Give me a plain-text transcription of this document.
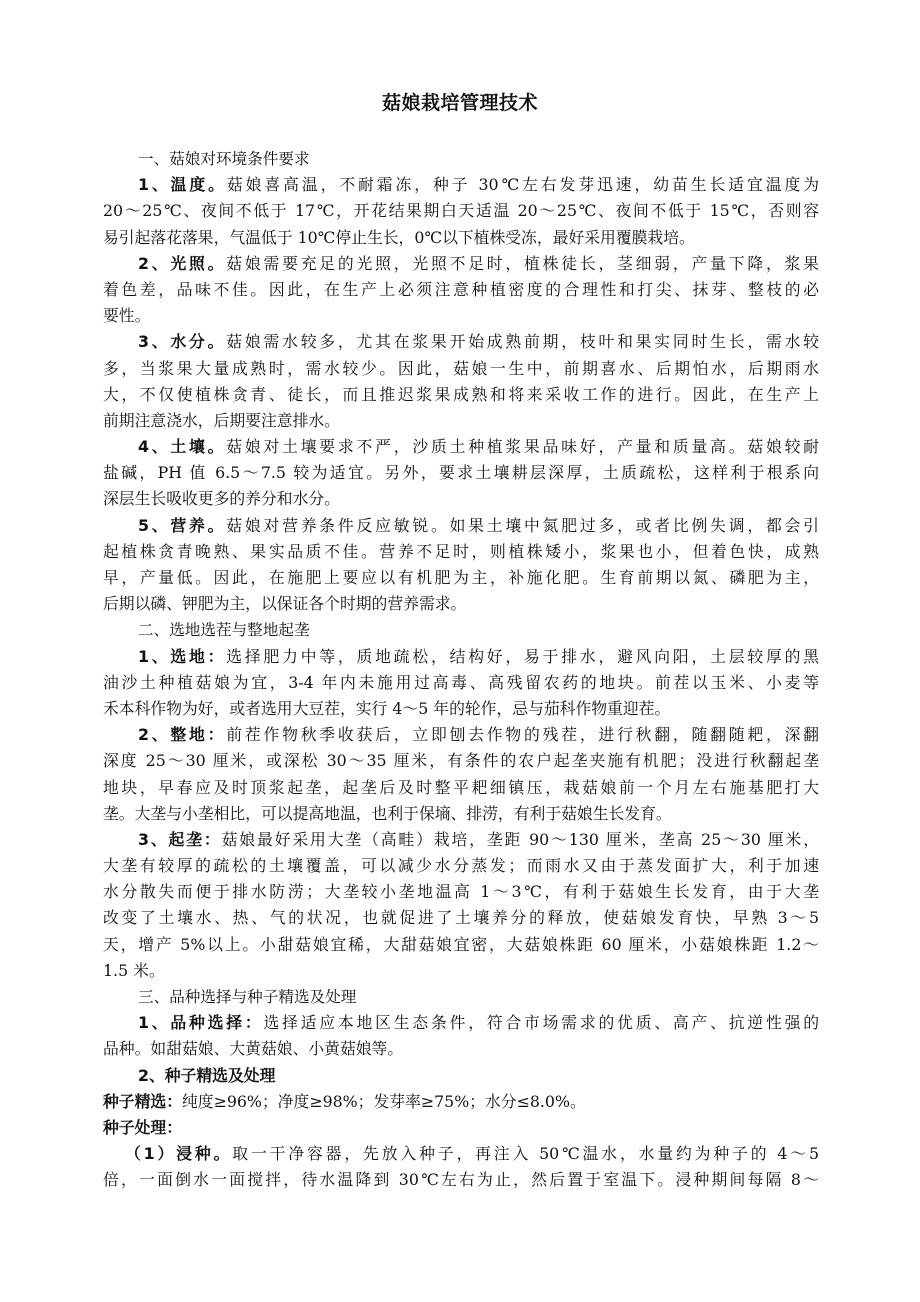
菇娘栽培管理技术
一、菇娘对环境条件要求
1、温度。菇娘喜高温，不耐霜冻，种子 30℃左右发芽迅速，幼苗生长适宜温度为
20～25℃、夜间不低于 17℃，开花结果期白天适温 20～25℃、夜间不低于 15℃，否则容
易引起落花落果，气温低于 10℃停止生长，0℃以下植株受冻，最好采用覆膜栽培。
2、光照。菇娘需要充足的光照，光照不足时，植株徒长，茎细弱，产量下降，浆果
着色差，品味不佳。因此，在生产上必须注意种植密度的合理性和打尖、抹芽、整枝的必
要性。
3、水分。菇娘需水较多，尤其在浆果开始成熟前期，枝叶和果实同时生长，需水较
多，当浆果大量成熟时，需水较少。因此，菇娘一生中，前期喜水、后期怕水，后期雨水
大，不仅使植株贪青、徒长，而且推迟浆果成熟和将来采收工作的进行。因此，在生产上
前期注意浇水，后期要注意排水。
4、土壤。菇娘对土壤要求不严，沙质土种植浆果品味好，产量和质量高。菇娘较耐
盐碱，PH 值 6.5～7.5 较为适宜。另外，要求土壤耕层深厚，土质疏松，这样利于根系向
深层生长吸收更多的养分和水分。
5、营养。菇娘对营养条件反应敏锐。如果土壤中氮肥过多，或者比例失调，都会引
起植株贪青晚熟、果实品质不佳。营养不足时，则植株矮小，浆果也小，但着色快，成熟
早，产量低。因此，在施肥上要应以有机肥为主，补施化肥。生育前期以氮、磷肥为主，
后期以磷、钾肥为主，以保证各个时期的营养需求。
二、选地选茬与整地起垄
1、选地：选择肥力中等，质地疏松，结构好，易于排水，避风向阳，土层较厚的黑
油沙土种植菇娘为宜，3-4 年内未施用过高毒、高残留农药的地块。前茬以玉米、小麦等
禾本科作物为好，或者选用大豆茬，实行 4～5 年的轮作，忌与茄科作物重迎茬。
2、整地：前茬作物秋季收获后，立即刨去作物的残茬，进行秋翻，随翻随耙，深翻
深度 25～30 厘米，或深松 30～35 厘米，有条件的农户起垄夹施有机肥；没进行秋翻起垄
地块，早春应及时顶浆起垄，起垄后及时整平耙细镇压，栽菇娘前一个月左右施基肥打大
垄。大垄与小垄相比，可以提高地温，也利于保墒、排涝，有利于菇娘生长发育。
3、起垄：菇娘最好采用大垄（高畦）栽培，垄距 90～130 厘米，垄高 25～30 厘米，
大垄有较厚的疏松的土壤覆盖，可以减少水分蒸发；而雨水又由于蒸发面扩大，利于加速
水分散失而便于排水防涝；大垄较小垄地温高 1～3℃，有利于菇娘生长发育，由于大垄
改变了土壤水、热、气的状况，也就促进了土壤养分的释放，使菇娘发育快，早熟 3～5
天，增产 5%以上。小甜菇娘宜稀，大甜菇娘宜密，大菇娘株距 60 厘米，小菇娘株距 1.2～
1.5 米。
三、品种选择与种子精选及处理
1、品种选择：选择适应本地区生态条件，符合市场需求的优质、高产、抗逆性强的
品种。如甜菇娘、大黄菇娘、小黄菇娘等。
2、种子精选及处理
种子精选：纯度≥96%；净度≥98%；发芽率≥75%；水分≤8.0%。
种子处理：
（1）浸种。取一干净容器，先放入种子，再注入 50℃温水，水量约为种子的 4～5
倍，一面倒水一面搅拌，待水温降到 30℃左右为止，然后置于室温下。浸种期间每隔 8～
